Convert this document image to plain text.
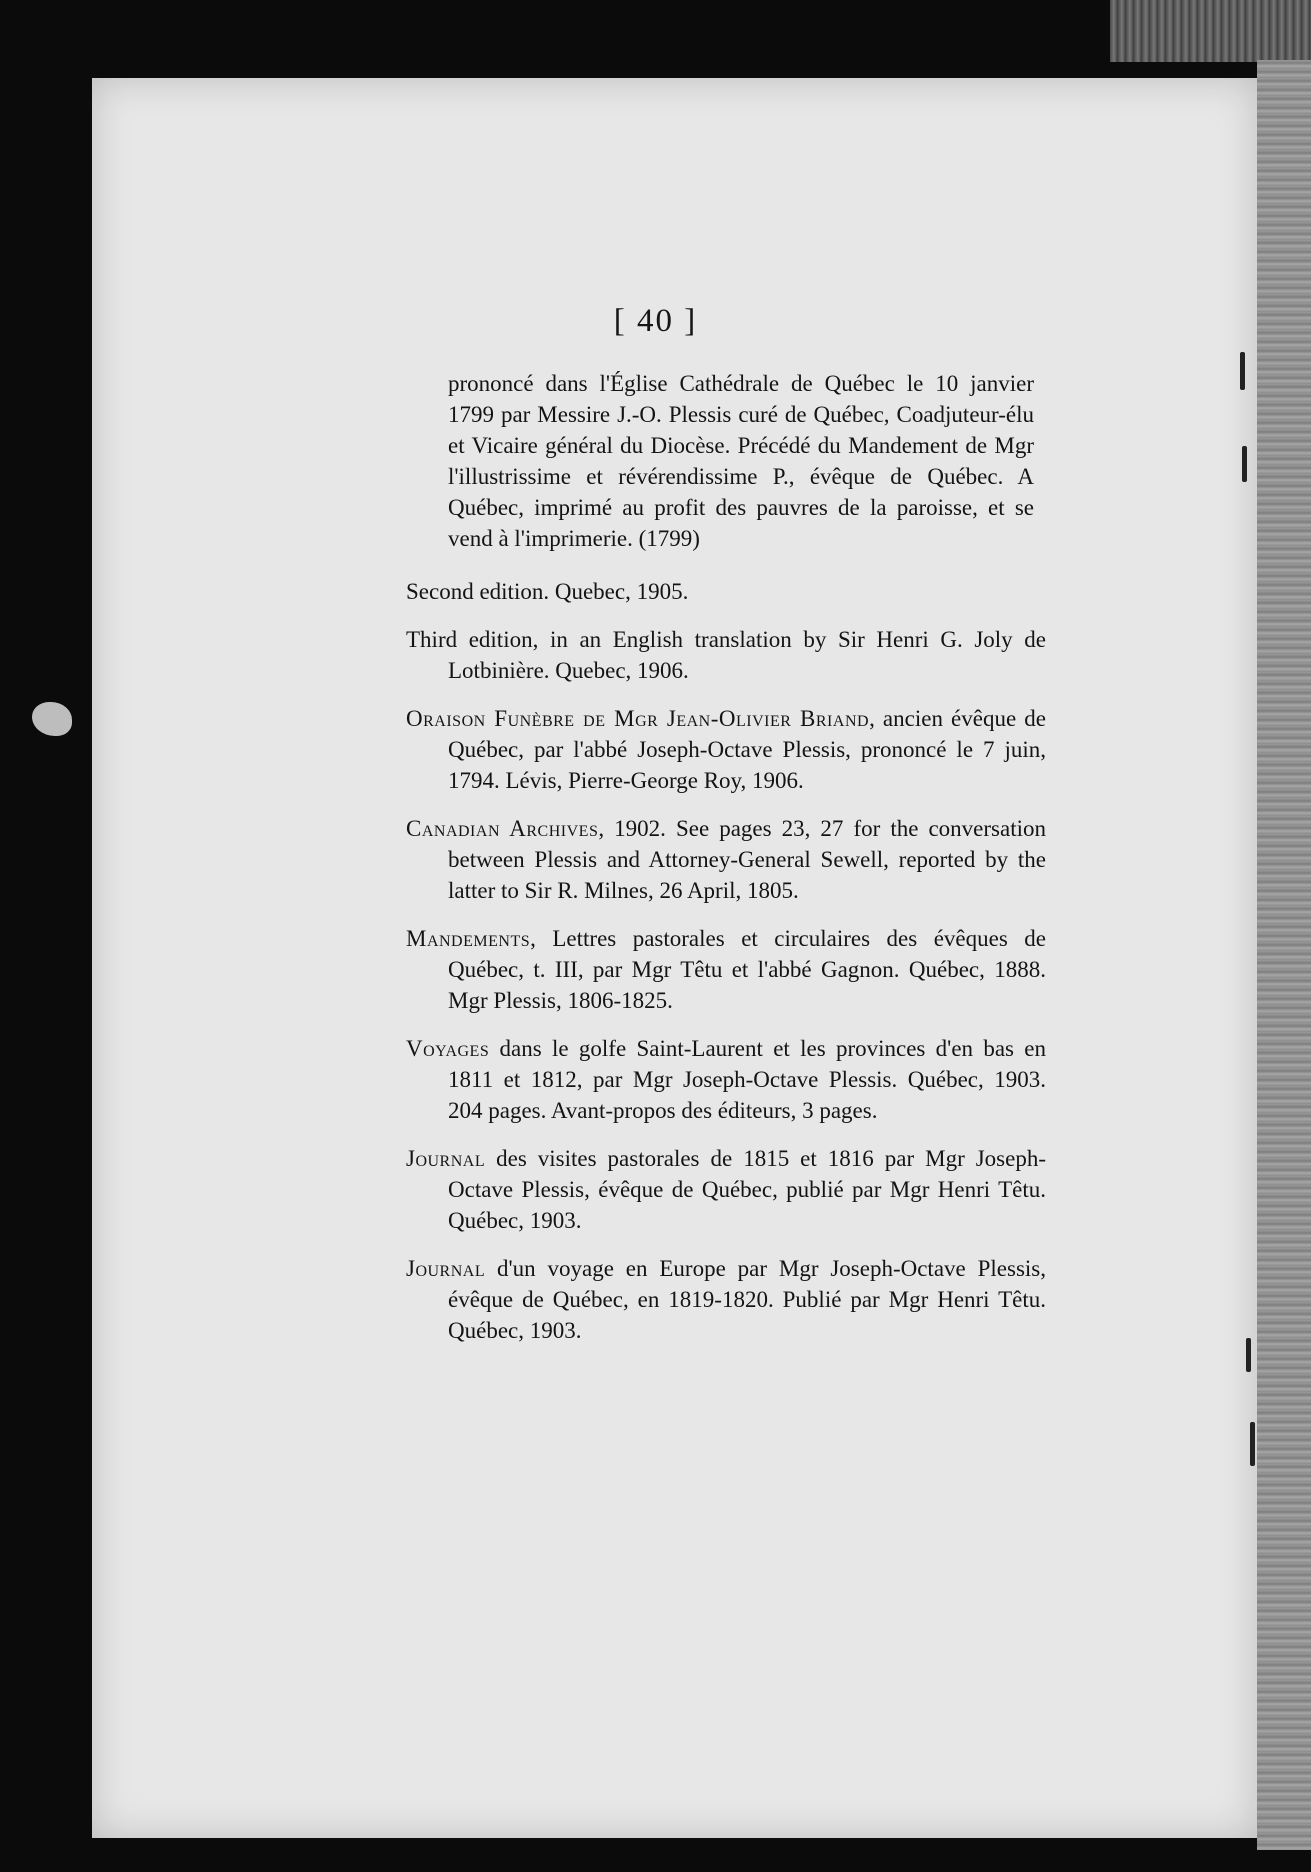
[ 40 ]

prononcé dans l'Église Cathédrale de Québec le 10 janvier 1799 par Messire J.-O. Plessis curé de Québec, Coadjuteur-élu et Vicaire général du Diocèse. Précédé du Mandement de Mgr l'illustrissime et révérendissime P., évêque de Québec. A Québec, imprimé au profit des pauvres de la paroisse, et se vend à l'imprimerie. (1799)

Second edition. Quebec, 1905.

Third edition, in an English translation by Sir Henri G. Joly de Lotbinière. Quebec, 1906.

Oraison Funèbre de Mgr Jean-Olivier Briand, ancien évêque de Québec, par l'abbé Joseph-Octave Plessis, prononcé le 7 juin, 1794. Lévis, Pierre-George Roy, 1906.

Canadian Archives, 1902. See pages 23, 27 for the conversation between Plessis and Attorney-General Sewell, reported by the latter to Sir R. Milnes, 26 April, 1805.

Mandements, Lettres pastorales et circulaires des évêques de Québec, t. III, par Mgr Têtu et l'abbé Gagnon. Québec, 1888. Mgr Plessis, 1806-1825.

Voyages dans le golfe Saint-Laurent et les provinces d'en bas en 1811 et 1812, par Mgr Joseph-Octave Plessis. Québec, 1903. 204 pages. Avant-propos des éditeurs, 3 pages.

Journal des visites pastorales de 1815 et 1816 par Mgr Joseph-Octave Plessis, évêque de Québec, publié par Mgr Henri Têtu. Québec, 1903.

Journal d'un voyage en Europe par Mgr Joseph-Octave Plessis, évêque de Québec, en 1819-1820. Publié par Mgr Henri Têtu. Québec, 1903.
